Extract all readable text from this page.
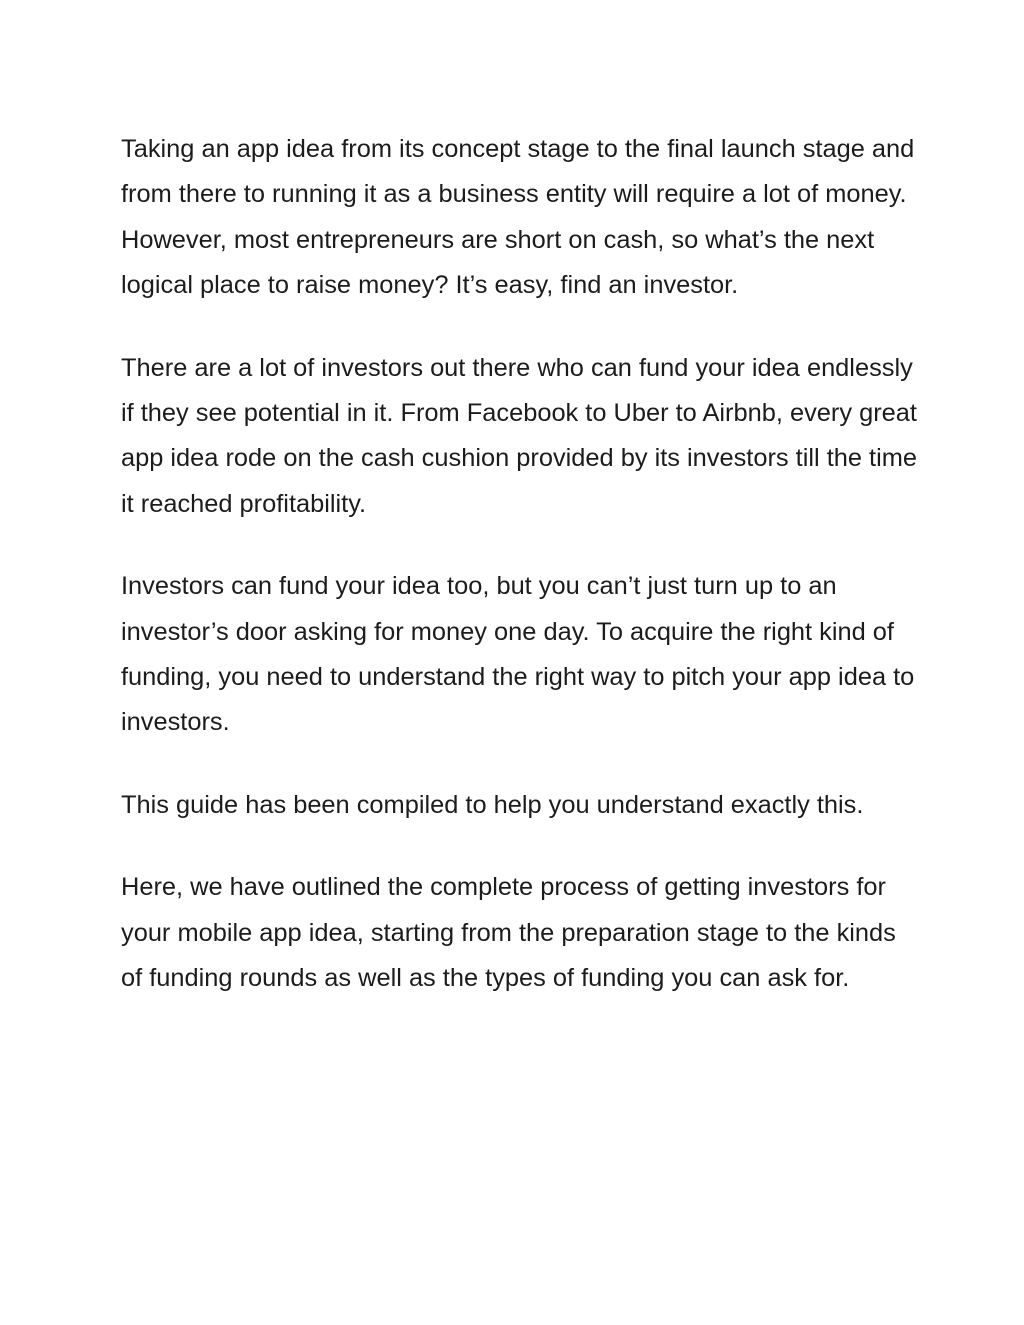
Taking an app idea from its concept stage to the final launch stage and from there to running it as a business entity will require a lot of money. However, most entrepreneurs are short on cash, so what’s the next logical place to raise money? It’s easy, find an investor.

There are a lot of investors out there who can fund your idea endlessly if they see potential in it. From Facebook to Uber to Airbnb, every great app idea rode on the cash cushion provided by its investors till the time it reached profitability.

Investors can fund your idea too, but you can’t just turn up to an investor’s door asking for money one day. To acquire the right kind of funding, you need to understand the right way to pitch your app idea to investors.

This guide has been compiled to help you understand exactly this.

Here, we have outlined the complete process of getting investors for your mobile app idea, starting from the preparation stage to the kinds of funding rounds as well as the types of funding you can ask for.
